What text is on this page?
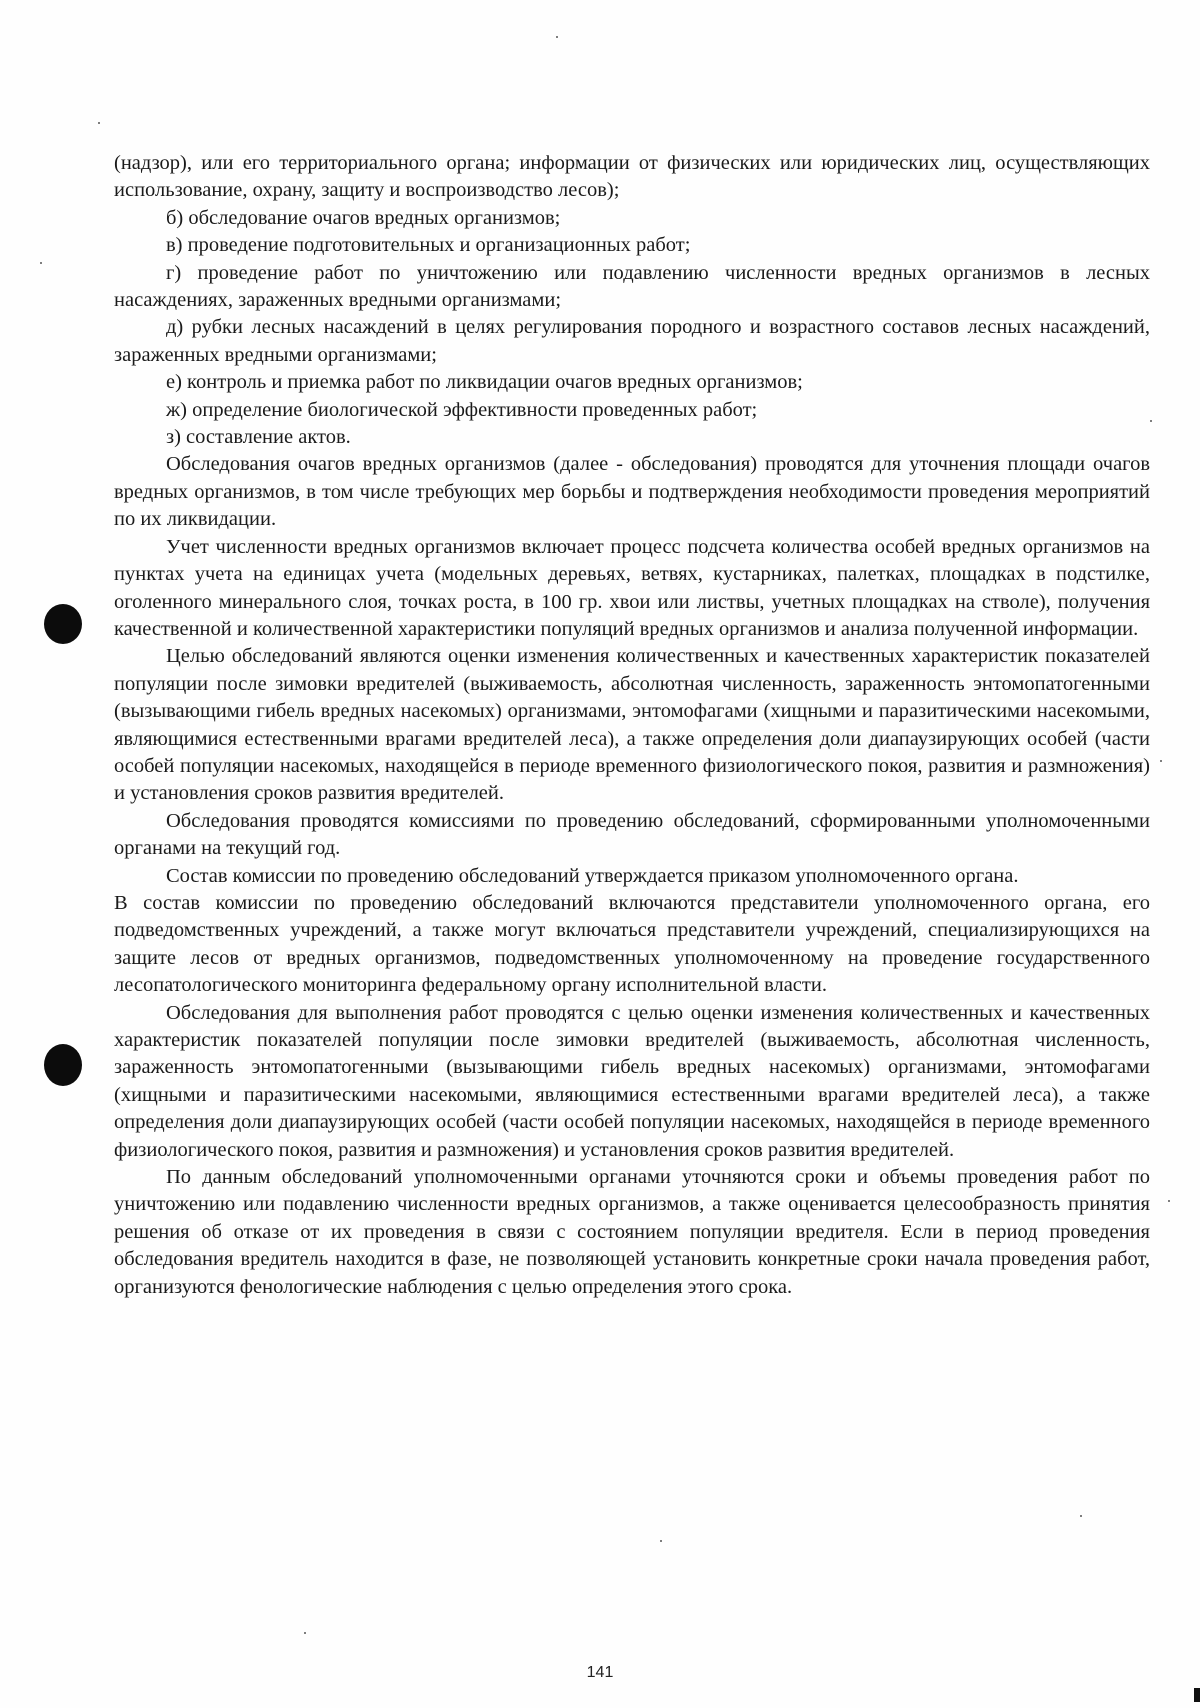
(надзор), или его территориального органа; информации от физических или юридических лиц, осуществляющих использование, охрану, защиту и воспроизводство лесов);

б) обследование очагов вредных организмов;

в) проведение подготовительных и организационных работ;

г) проведение работ по уничтожению или подавлению численности вредных организмов в лесных насаждениях, зараженных вредными организмами;

д) рубки лесных насаждений в целях регулирования породного и возрастного составов лесных насаждений, зараженных вредными организмами;

е) контроль и приемка работ по ликвидации очагов вредных организмов;

ж) определение биологической эффективности проведенных работ;

з) составление актов.

Обследования очагов вредных организмов (далее - обследования) проводятся для уточнения площади очагов вредных организмов, в том числе требующих мер борьбы и подтверждения необходимости проведения мероприятий по их ликвидации.

Учет численности вредных организмов включает процесс подсчета количества особей вредных организмов на пунктах учета на единицах учета (модельных деревьях, ветвях, кустарниках, палетках, площадках в подстилке, оголенного минерального слоя, точках роста, в 100 гр. хвои или листвы, учетных площадках на стволе), получения качественной и количественной характеристики популяций вредных организмов и анализа полученной информации.

Целью обследований являются оценки изменения количественных и качественных характеристик показателей популяции после зимовки вредителей (выживаемость, абсолютная численность, зараженность энтомопатогенными (вызывающими гибель вредных насекомых) организмами, энтомофагами (хищными и паразитическими насекомыми, являющимися естественными врагами вредителей леса), а также определения доли диапаузирующих особей (части особей популяции насекомых, находящейся в периоде временного физиологического покоя, развития и размножения) и установления сроков развития вредителей.

Обследования проводятся комиссиями по проведению обследований, сформированными уполномоченными органами на текущий год.

Состав комиссии по проведению обследований утверждается приказом уполномоченного органа.

В состав комиссии по проведению обследований включаются представители уполномоченного органа, его подведомственных учреждений, а также могут включаться представители учреждений, специализирующихся на защите лесов от вредных организмов, подведомственных уполномоченному на проведение государственного лесопатологического мониторинга федеральному органу исполнительной власти.

Обследования для выполнения работ проводятся с целью оценки изменения количественных и качественных характеристик показателей популяции после зимовки вредителей (выживаемость, абсолютная численность, зараженность энтомопатогенными (вызывающими гибель вредных насекомых) организмами, энтомофагами (хищными и паразитическими насекомыми, являющимися естественными врагами вредителей леса), а также определения доли диапаузирующих особей (части особей популяции насекомых, находящейся в периоде временного физиологического покоя, развития и размножения) и установления сроков развития вредителей.

По данным обследований уполномоченными органами уточняются сроки и объемы проведения работ по уничтожению или подавлению численности вредных организмов, а также оценивается целесообразность принятия решения об отказе от их проведения в связи с состоянием популяции вредителя. Если в период проведения обследования вредитель находится в фазе, не позволяющей установить конкретные сроки начала проведения работ, организуются фенологические наблюдения с целью определения этого срока.

141
